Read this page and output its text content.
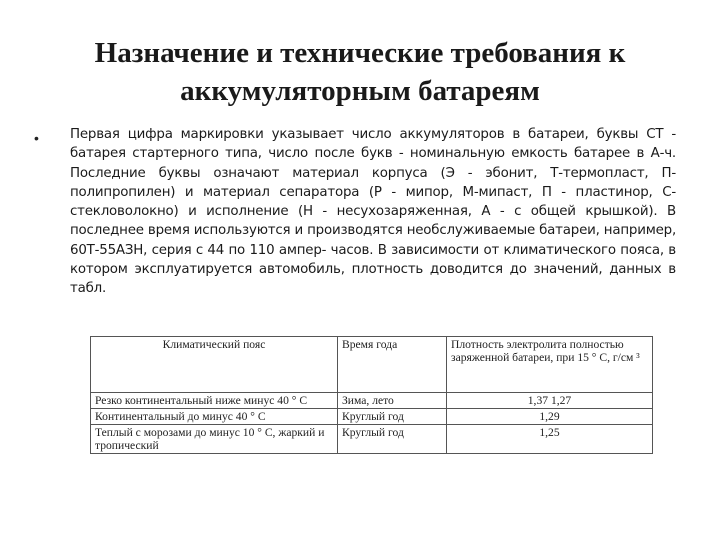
Назначение и технические требования к аккумуляторным батареям
• Первая цифра маркировки указывает число аккумуляторов в батареи, буквы СТ - батарея стартерного типа, число после букв - номинальную емкость батарее в А-ч. Последние буквы означают материал корпуса (Э - эбонит, Т-термопласт, П-полипропилен) и материал сепаратора (Р - мипор, М-мипаст, П - пластинор, С- стекловолокно) и исполнение (Н - несухозаряженная, А - с общей крышкой). В последнее время используются и производятся необслуживаемые батареи, например, 60Т-55АЗН, серия с 44 по 110 ампер- часов. В зависимости от климатического пояса, в котором эксплуатируется автомобиль, плотность доводится до значений, данных в табл.

Климатический пояс	Время года	Плотность электролита полностью заряженной батареи, при 15 ° С, г/см ³
Резко континентальный ниже минус 40 ° С	Зима, лето	1,37 1,27
Континентальный до минус 40 ° С	Круглый год	1,29
Теплый с морозами до минус 10 ° С, жаркий и тропический	Круглый год	1,25
